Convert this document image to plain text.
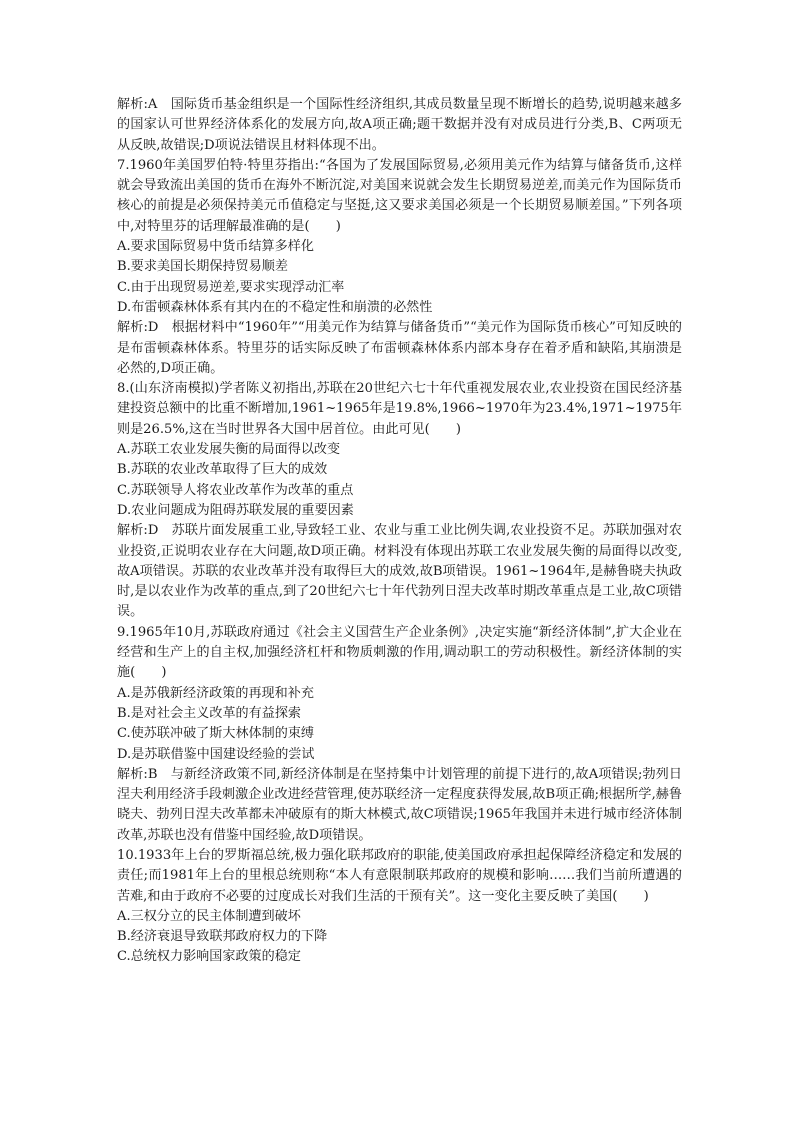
解析:A　国际货币基金组织是一个国际性经济组织,其成员数量呈现不断增长的趋势,说明越来越多的国家认可世界经济体系化的发展方向,故A项正确;题干数据并没有对成员进行分类,B、C两项无从反映,故错误;D项说法错误且材料体现不出。

7.1960年美国罗伯特·特里芬指出:“各国为了发展国际贸易,必须用美元作为结算与储备货币,这样就会导致流出美国的货币在海外不断沉淀,对美国来说就会发生长期贸易逆差,而美元作为国际货币核心的前提是必须保持美元币值稳定与坚挺,这又要求美国必须是一个长期贸易顺差国。”下列各项中,对特里芬的话理解最准确的是(　　)

A.要求国际贸易中货币结算多样化

B.要求美国长期保持贸易顺差

C.由于出现贸易逆差,要求实现浮动汇率

D.布雷顿森林体系有其内在的不稳定性和崩溃的必然性

解析:D　根据材料中“1960年”“用美元作为结算与储备货币”“美元作为国际货币核心”可知反映的是布雷顿森林体系。特里芬的话实际反映了布雷顿森林体系内部本身存在着矛盾和缺陷,其崩溃是必然的,D项正确。

8.(山东济南模拟)学者陈义初指出,苏联在20世纪六七十年代重视发展农业,农业投资在国民经济基建投资总额中的比重不断增加,1961~1965年是19.8%,1966~1970年为23.4%,1971~1975年则是26.5%,这在当时世界各大国中居首位。由此可见(　　)

A.苏联工农业发展失衡的局面得以改变

B.苏联的农业改革取得了巨大的成效

C.苏联领导人将农业改革作为改革的重点

D.农业问题成为阻碍苏联发展的重要因素

解析:D　苏联片面发展重工业,导致轻工业、农业与重工业比例失调,农业投资不足。苏联加强对农业投资,正说明农业存在大问题,故D项正确。材料没有体现出苏联工农业发展失衡的局面得以改变,故A项错误。苏联的农业改革并没有取得巨大的成效,故B项错误。1961~1964年,是赫鲁晓夫执政时,是以农业作为改革的重点,到了20世纪六七十年代勃列日涅夫改革时期改革重点是工业,故C项错误。

9.1965年10月,苏联政府通过《社会主义国营生产企业条例》,决定实施“新经济体制”,扩大企业在经营和生产上的自主权,加强经济杠杆和物质刺激的作用,调动职工的劳动积极性。新经济体制的实施(　　)

A.是苏俄新经济政策的再现和补充

B.是对社会主义改革的有益探索

C.使苏联冲破了斯大林体制的束缚

D.是苏联借鉴中国建设经验的尝试

解析:B　与新经济政策不同,新经济体制是在坚持集中计划管理的前提下进行的,故A项错误;勃列日涅夫利用经济手段刺激企业改进经营管理,使苏联经济一定程度获得发展,故B项正确;根据所学,赫鲁晓夫、勃列日涅夫改革都未冲破原有的斯大林模式,故C项错误;1965年我国并未进行城市经济体制改革,苏联也没有借鉴中国经验,故D项错误。

10.1933年上台的罗斯福总统,极力强化联邦政府的职能,使美国政府承担起保障经济稳定和发展的责任;而1981年上台的里根总统则称“本人有意限制联邦政府的规模和影响……我们当前所遭遇的苦难,和由于政府不必要的过度成长对我们生活的干预有关”。这一变化主要反映了美国(　　)

A.三权分立的民主体制遭到破坏

B.经济衰退导致联邦政府权力的下降

C.总统权力影响国家政策的稳定
